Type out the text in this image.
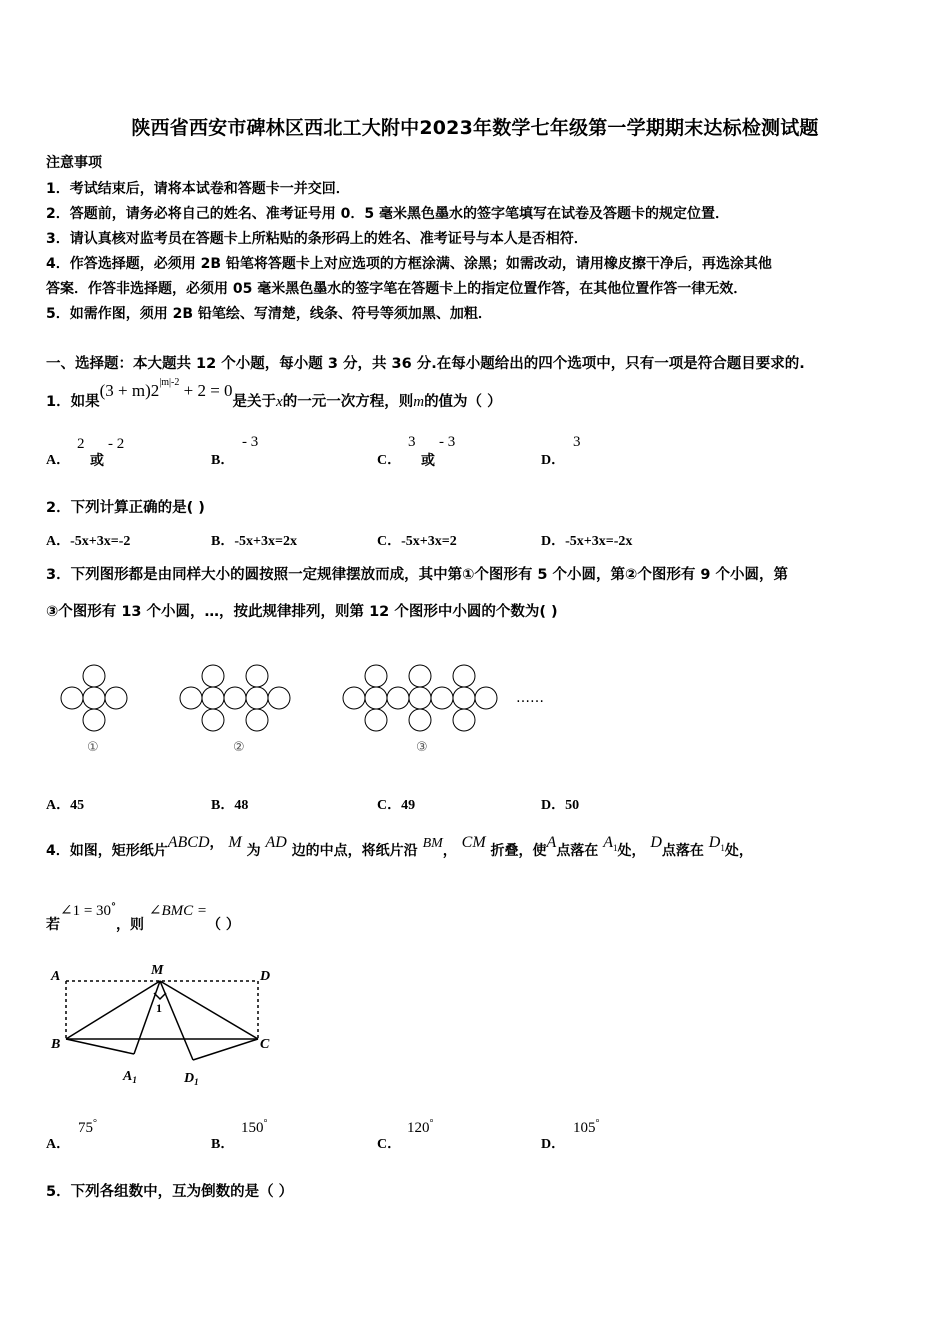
陕西省西安市碑林区西北工大附中2023年数学七年级第一学期期末达标检测试题
注意事项
1．考试结束后，请将本试卷和答题卡一并交回．
2．答题前，请务必将自己的姓名、准考证号用 0．5 毫米黑色墨水的签字笔填写在试卷及答题卡的规定位置．
3．请认真核对监考员在答题卡上所粘贴的条形码上的姓名、准考证号与本人是否相符．
4．作答选择题，必须用 2B 铅笔将答题卡上对应选项的方框涂满、涂黑；如需改动，请用橡皮擦干净后，再选涂其他
答案．作答非选择题，必须用 05 毫米黑色墨水的签字笔在答题卡上的指定位置作答，在其他位置作答一律无效．
5．如需作图，须用 2B 铅笔绘、写清楚，线条、符号等须加黑、加粗．
一、选择题：本大题共 12 个小题，每小题 3 分，共 36 分.在每小题给出的四个选项中，只有一项是符合题目要求的.
1．如果$(3 + m)2^{|m|-2} + 2 = 0$是关于x的一元一次方程，则m的值为（ ）
A．
2
或
- 2
B．
- 3
C．
3
或
- 3
D．
3
2．下列计算正确的是( )
A．-5x+3x=-2	B．-5x+3x=2x	C．-5x+3x=2	D．-5x+3x=-2x
3．下列图形都是由同样大小的圆按照一定规律摆放而成，其中第①个图形有 5 个小圆，第②个图形有 9 个小圆，第
③个图形有 13 个小圆，…，按此规律排列，则第 12 个图形中小圆的个数为( )
①	②	③
……
A．45	B．48	C．49	D．50
4．如图，矩形纸片ABCD， M 为 AD 边的中点，将纸片沿 BM， CM 折叠，使A点落在 $A_1$处， D点落在 $D_1$处，
若∠1 = 30°，则 ∠BMC =（ ）
A	M	D
B	C
1
$A_1$	$D_1$
A．
75°
B．
150°
C．
120°
D．
105°
5．下列各组数中，互为倒数的是（ ）
